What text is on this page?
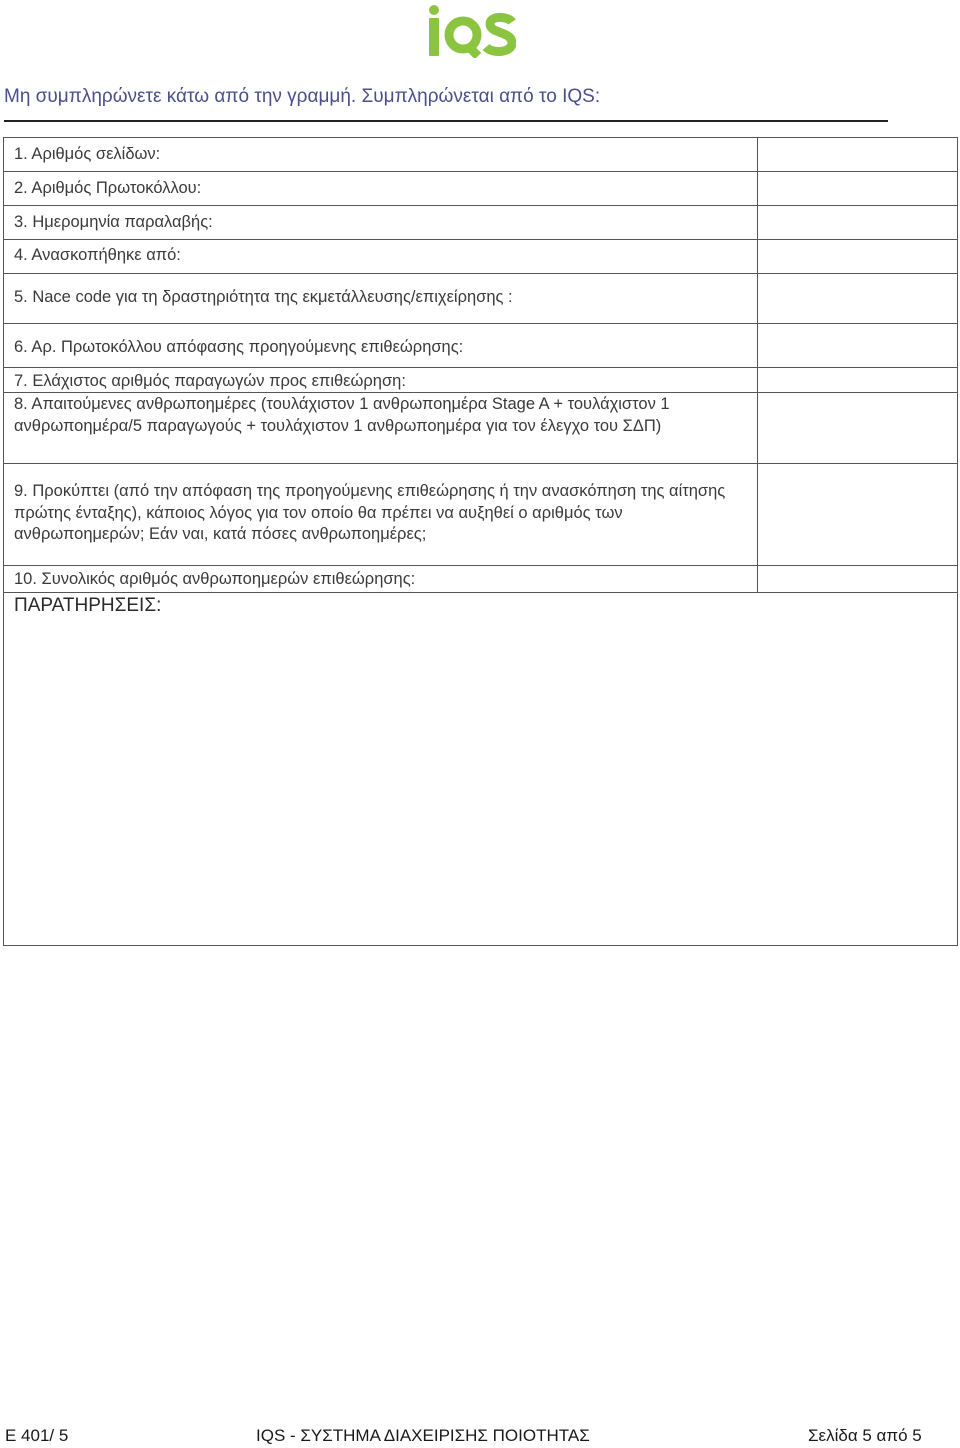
Μη συμπληρώνετε κάτω από την γραμμή. Συμπληρώνεται από το IQS:
1. Αριθμός σελίδων:
2. Αριθμός Πρωτοκόλλου:
3. Ημερομηνία παραλαβής:
4. Ανασκοπήθηκε από:
5. Nace code για τη δραστηριότητα της εκμετάλλευσης/επιχείρησης :
6. Αρ. Πρωτοκόλλου απόφασης προηγούμενης επιθεώρησης:
7. Ελάχιστος αριθμός παραγωγών προς επιθεώρηση:
8. Απαιτούμενες ανθρωποημέρες (τουλάχιστον 1 ανθρωποημέρα Stage A + τουλάχιστον 1 ανθρωποημέρα/5 παραγωγούς + τουλάχιστον 1 ανθρωποημέρα για τον έλεγχο του ΣΔΠ)
9. Προκύπτει (από την απόφαση της προηγούμενης επιθεώρησης ή την ανασκόπηση της αίτησης πρώτης ένταξης), κάποιος λόγος για τον οποίο θα πρέπει να αυξηθεί ο αριθμός των ανθρωποημερών; Εάν ναι, κατά πόσες ανθρωποημέρες;
10. Συνολικός αριθμός ανθρωποημερών επιθεώρησης:
ΠΑΡΑΤΗΡΗΣΕΙΣ:
Ε 401/ 5	IQS - ΣΥΣΤΗΜΑ ΔΙΑΧΕΙΡΙΣΗΣ ΠΟΙΟΤΗΤΑΣ	Σελίδα 5 από 5
